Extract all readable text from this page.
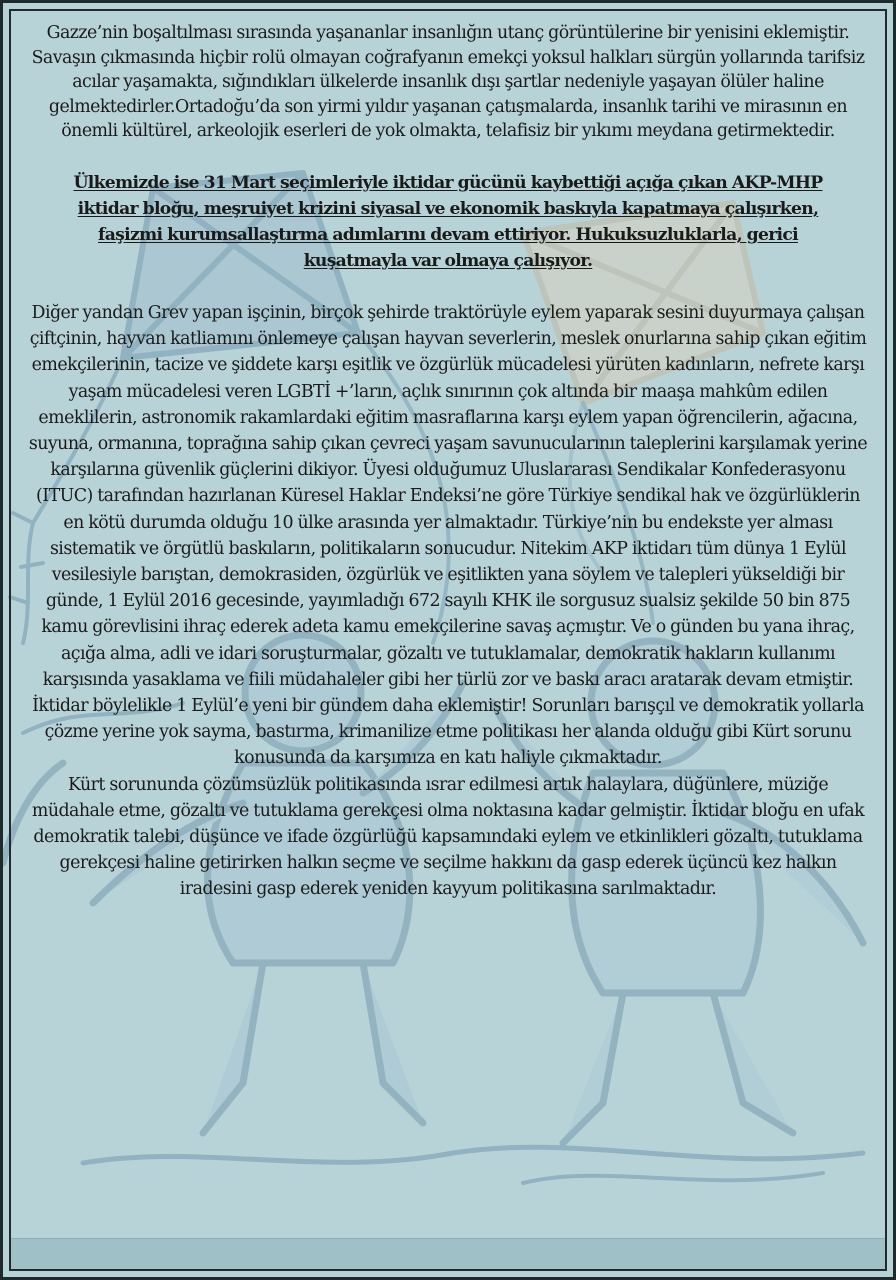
Gazze’nin boşaltılması sırasında yaşananlar insanlığın utanç görüntülerine bir yenisini eklemiştir. Savaşın çıkmasında hiçbir rolü olmayan coğrafyanın emekçi yoksul halkları sürgün yollarında tarifsiz acılar yaşamakta, sığındıkları ülkelerde insanlık dışı şartlar nedeniyle yaşayan ölüler haline gelmektedirler.Ortadoğu’da son yirmi yıldır yaşanan çatışmalarda, insanlık tarihi ve mirasının en önemli kültürel, arkeolojik eserleri de yok olmakta, telafisiz bir yıkımı meydana getirmektedir.

Ülkemizde ise 31 Mart seçimleriyle iktidar gücünü kaybettiği açığa çıkan AKP-MHP iktidar bloğu, meşruiyet krizini siyasal ve ekonomik baskıyla kapatmaya çalışırken, faşizmi kurumsallaştırma adımlarını devam ettiriyor. Hukuksuzluklarla, gerici kuşatmayla var olmaya çalışıyor.

Diğer yandan Grev yapan işçinin, birçok şehirde traktörüyle eylem yaparak sesini duyurmaya çalışan çiftçinin, hayvan katliamını önlemeye çalışan hayvan severlerin, meslek onurlarına sahip çıkan eğitim emekçilerinin, tacize ve şiddete karşı eşitlik ve özgürlük mücadelesi yürüten kadınların, nefrete karşı yaşam mücadelesi veren LGBTİ +’ların, açlık sınırının çok altında bir maaşa mahkûm edilen emeklilerin, astronomik rakamlardaki eğitim masraflarına karşı eylem yapan öğrencilerin, ağacına, suyuna, ormanına, toprağına sahip çıkan çevreci yaşam savunucularının taleplerini karşılamak yerine karşılarına güvenlik güçlerini dikiyor. Üyesi olduğumuz Uluslararası Sendikalar Konfederasyonu (ITUC) tarafından hazırlanan Küresel Haklar Endeksi’ne göre Türkiye sendikal hak ve özgürlüklerin en kötü durumda olduğu 10 ülke arasında yer almaktadır. Türkiye’nin bu endekste yer alması sistematik ve örgütlü baskıların, politikaların sonucudur. Nitekim AKP iktidarı tüm dünya 1 Eylül vesilesiyle barıştan, demokrasiden, özgürlük ve eşitlikten yana söylem ve talepleri yükseldiği bir günde, 1 Eylül 2016 gecesinde, yayımladığı 672 sayılı KHK ile sorgusuz sualsiz şekilde 50 bin 875 kamu görevlisini ihraç ederek adeta kamu emekçilerine savaş açmıştır. Ve o günden bu yana ihraç, açığa alma, adli ve idari soruşturmalar, gözaltı ve tutuklamalar, demokratik hakların kullanımı karşısında yasaklama ve fiili müdahaleler gibi her türlü zor ve baskı aracı aratarak devam etmiştir. İktidar böylelikle 1 Eylül’e yeni bir gündem daha eklemiştir! Sorunları barışçıl ve demokratik yollarla çözme yerine yok sayma, bastırma, krimanilize etme politikası her alanda olduğu gibi Kürt sorunu konusunda da karşımıza en katı haliyle çıkmaktadır.

Kürt sorununda çözümsüzlük politikasında ısrar edilmesi artık halaylara, düğünlere, müziğe müdahale etme, gözaltı ve tutuklama gerekçesi olma noktasına kadar gelmiştir. İktidar bloğu en ufak demokratik talebi, düşünce ve ifade özgürlüğü kapsamındaki eylem ve etkinlikleri gözaltı, tutuklama gerekçesi haline getirirken halkın seçme ve seçilme hakkını da gasp ederek üçüncü kez halkın iradesini gasp ederek yeniden kayyum politikasına sarılmaktadır.
